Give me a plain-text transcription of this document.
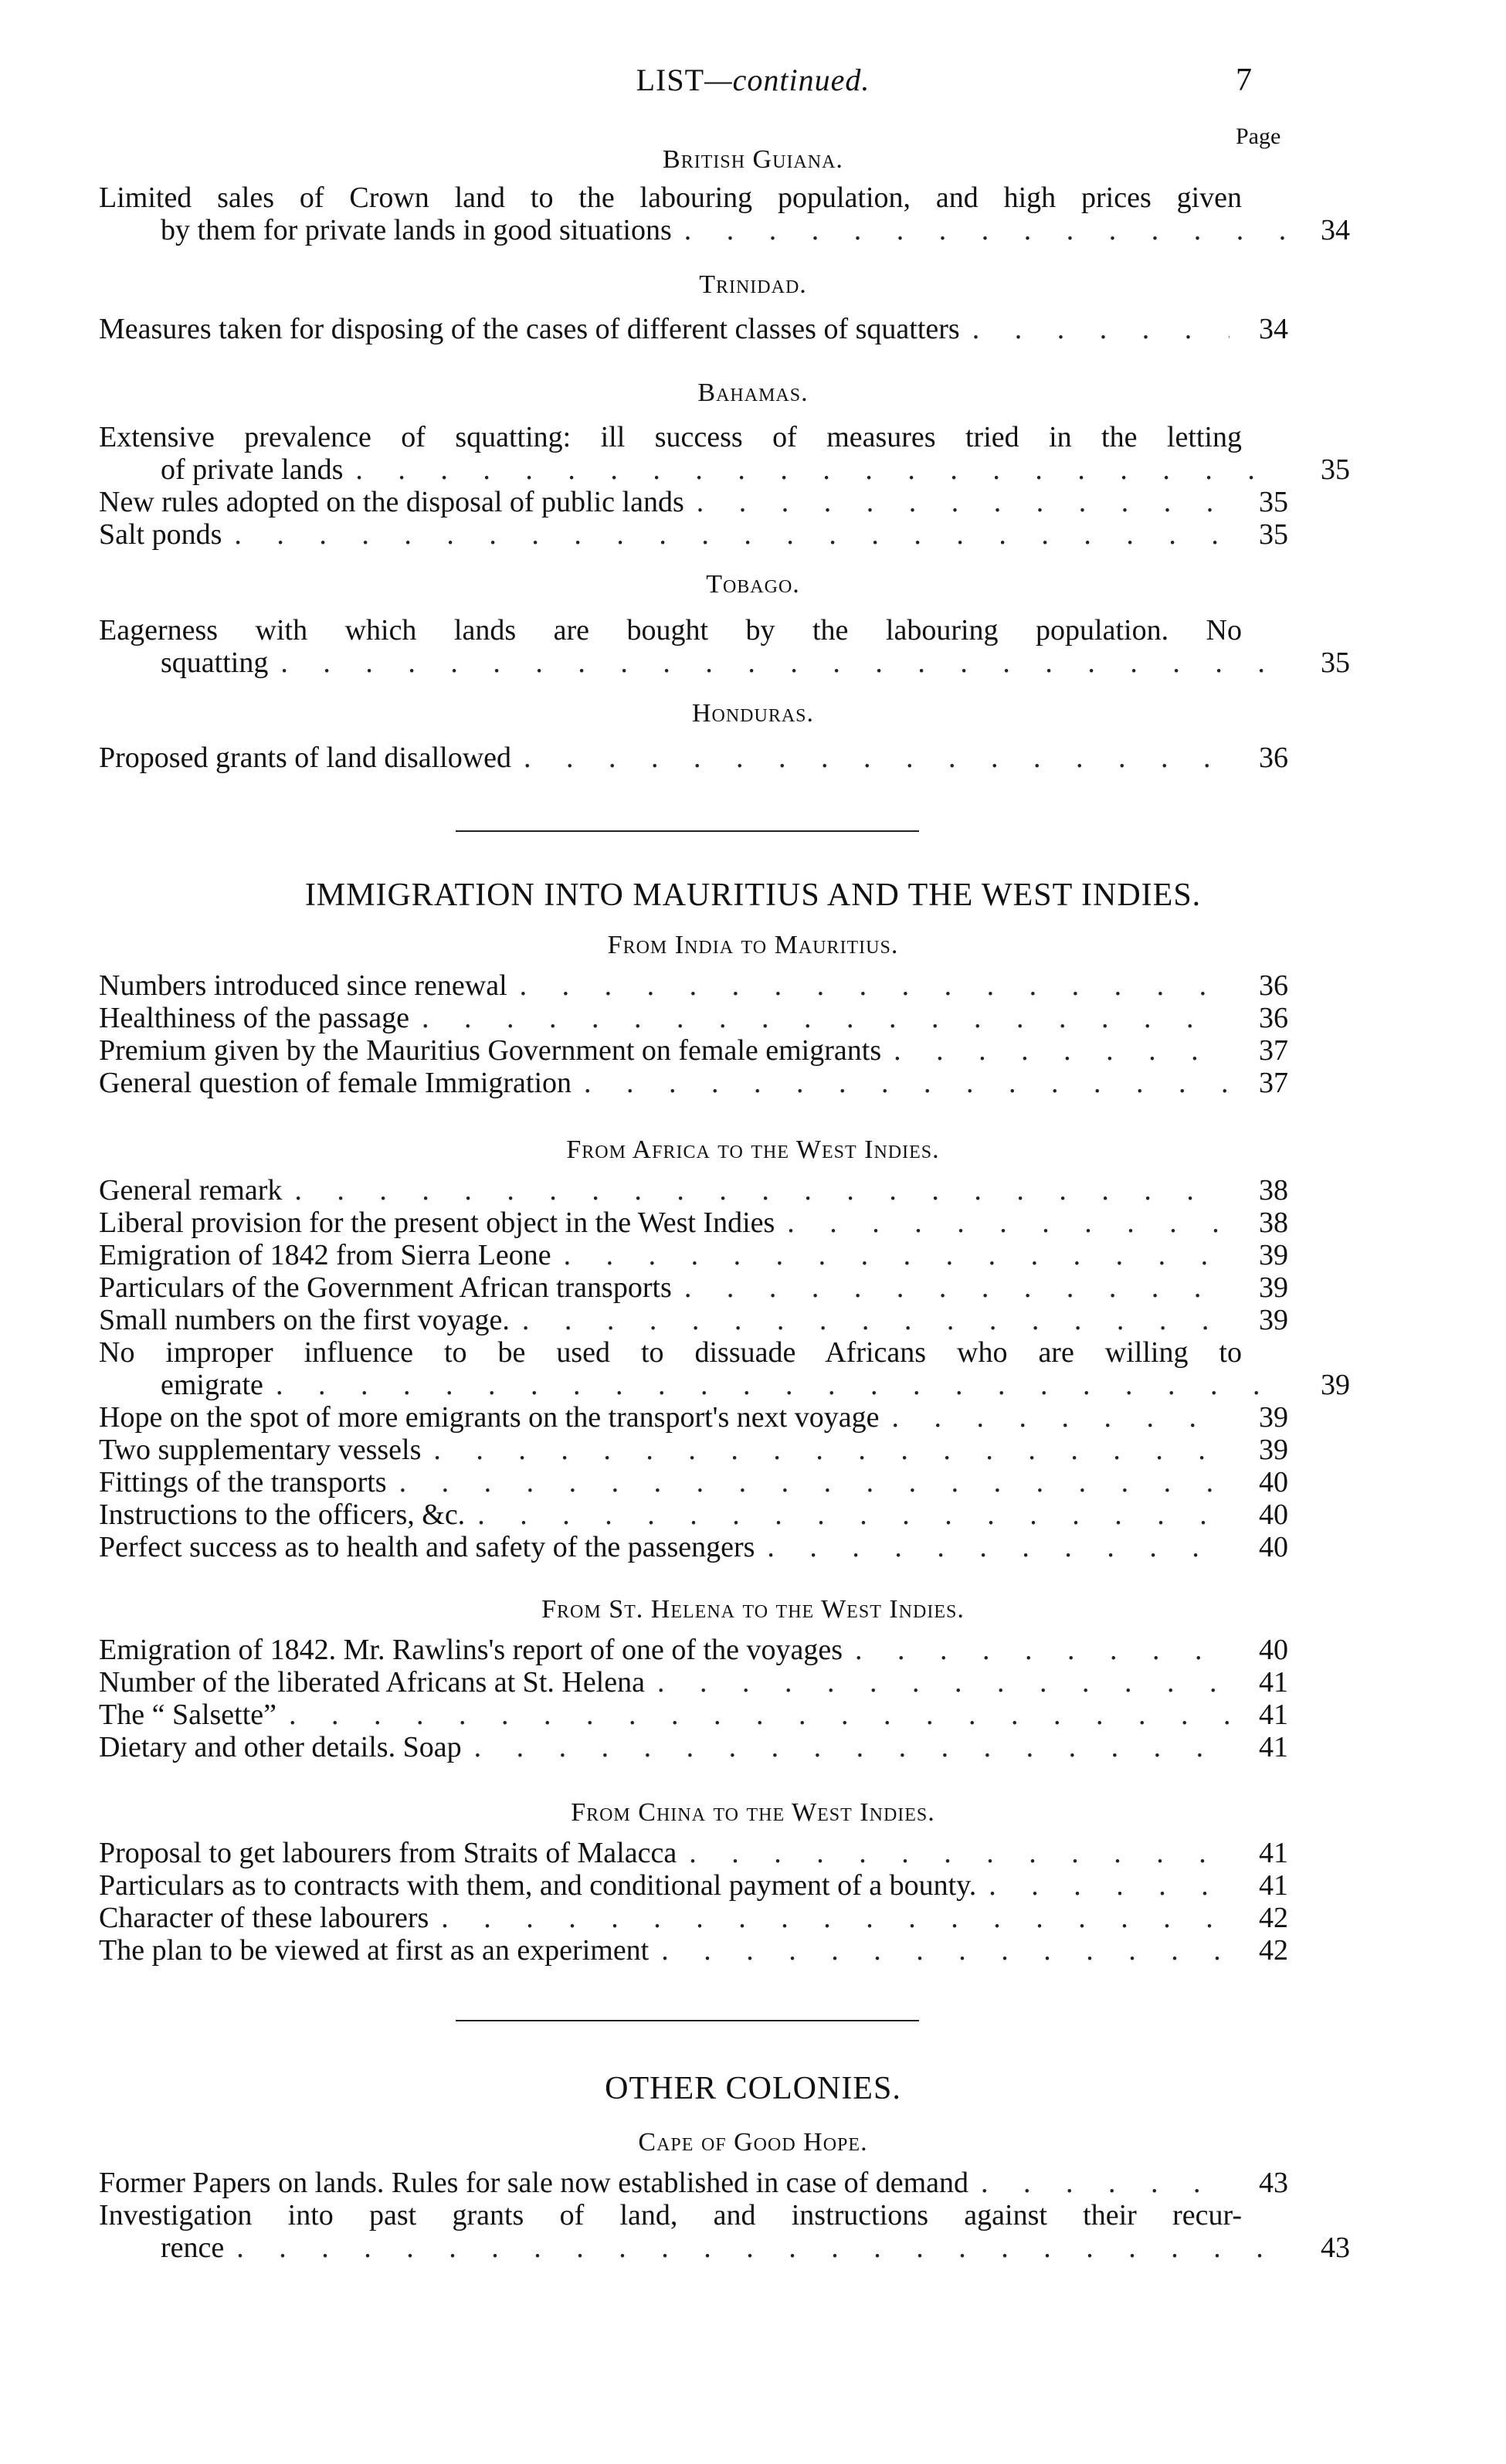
LIST—continued.	7
Page
British Guiana.
Limited sales of Crown land to the labouring population, and high prices given
by them for private lands in good situations . . .	34
Trinidad.
Measures taken for disposing of the cases of different classes of squatters . . .	34
Bahamas.
Extensive prevalence of squatting: ill success of measures tried in the letting
of private lands . . .	35
New rules adopted on the disposal of public lands . . .	35
Salt ponds . . .	35
Tobago.
Eagerness with which lands are bought by the labouring population. No
squatting . . .	35
Honduras.
Proposed grants of land disallowed . . .	36
IMMIGRATION INTO MAURITIUS AND THE WEST INDIES.
From India to Mauritius.
Numbers introduced since renewal . . .	36
Healthiness of the passage . . .	36
Premium given by the Mauritius Government on female emigrants . . .	37
General question of female Immigration . . .	37
From Africa to the West Indies.
General remark . . .	38
Liberal provision for the present object in the West Indies . . .	38
Emigration of 1842 from Sierra Leone . . .	39
Particulars of the Government African transports . . .	39
Small numbers on the first voyage. . . .	39
No improper influence to be used to dissuade Africans who are willing to
emigrate . . .	39
Hope on the spot of more emigrants on the transport's next voyage . . .	39
Two supplementary vessels . . .	39
Fittings of the transports . . .	40
Instructions to the officers, &c. . . .	40
Perfect success as to health and safety of the passengers . . .	40
From St. Helena to the West Indies.
Emigration of 1842. Mr. Rawlins's report of one of the voyages . . .	40
Number of the liberated Africans at St. Helena . . .	41
The “ Salsette” . . .	41
Dietary and other details. Soap . . .	41
From China to the West Indies.
Proposal to get labourers from Straits of Malacca . . .	41
Particulars as to contracts with them, and conditional payment of a bounty. . . .	41
Character of these labourers . . .	42
The plan to be viewed at first as an experiment . . .	42
OTHER COLONIES.
Cape of Good Hope.
Former Papers on lands. Rules for sale now established in case of demand . . .	43
Investigation into past grants of land, and instructions against their recur-
rence . . .	43
